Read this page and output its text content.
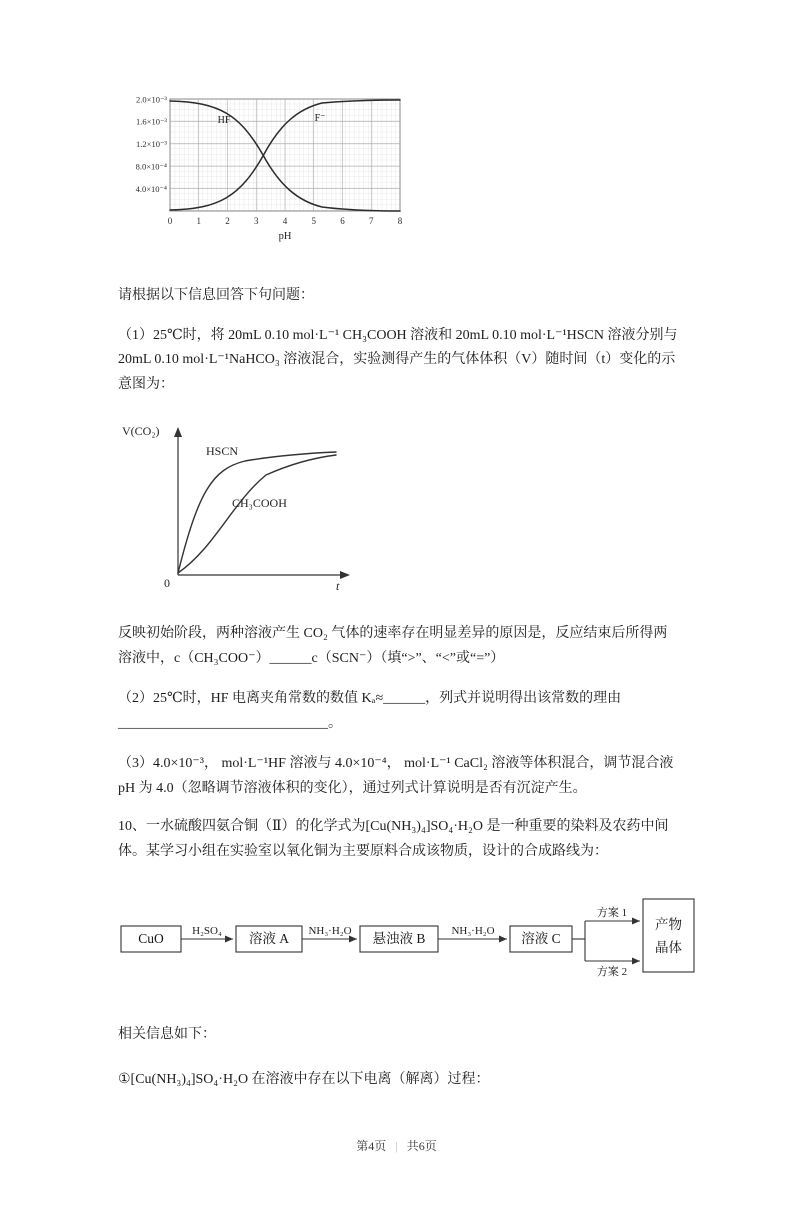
2.0×10⁻³
1.6×10⁻³
1.2×10⁻³
8.0×10⁻⁴
4.0×10⁻⁴
0	1	2	3	4	5	6	7	8
pH
HF	F⁻

请根据以下信息回答下句问题：

（1）25℃时，将 20mL 0.10 mol·L⁻¹ CH₃COOH 溶液和 20mL 0.10 mol·L⁻¹HSCN 溶液分别与 20mL 0.10 mol·L⁻¹NaHCO₃ 溶液混合，实验测得产生的气体体积（V）随时间（t）变化的示意图为：

V(CO₂)
HSCN
CH₃COOH
0	t

反映初始阶段，两种溶液产生 CO₂ 气体的速率存在明显差异的原因是，反应结束后所得两溶液中，c（CH₃COO⁻）______c（SCN⁻）（填“>”、“<”或“=”）

（2）25℃时，HF 电离夹角常数的数值 Kₐ≈______，列式并说明得出该常数的理由

______________________________。

（3）4.0×10⁻³， mol·L⁻¹HF 溶液与 4.0×10⁻⁴， mol·L⁻¹ CaCl₂ 溶液等体积混合，调节混合液 pH 为 4.0（忽略调节溶液体积的变化），通过列式计算说明是否有沉淀产生。

10、一水硫酸四氨合铜（Ⅱ）的化学式为[Cu(NH₃)₄]SO₄·H₂O 是一种重要的染料及农药中间体。某学习小组在实验室以氧化铜为主要原料合成该物质，设计的合成路线为：

CuO	溶液 A	悬浊液 B	溶液 C
产物
晶体
H₂SO₄	NH₃·H₂O	NH₃·H₂O
方案 1
方案 2

相关信息如下：

①[Cu(NH₃)₄]SO₄·H₂O 在溶液中存在以下电离（解离）过程：

第4页 | 共6页
